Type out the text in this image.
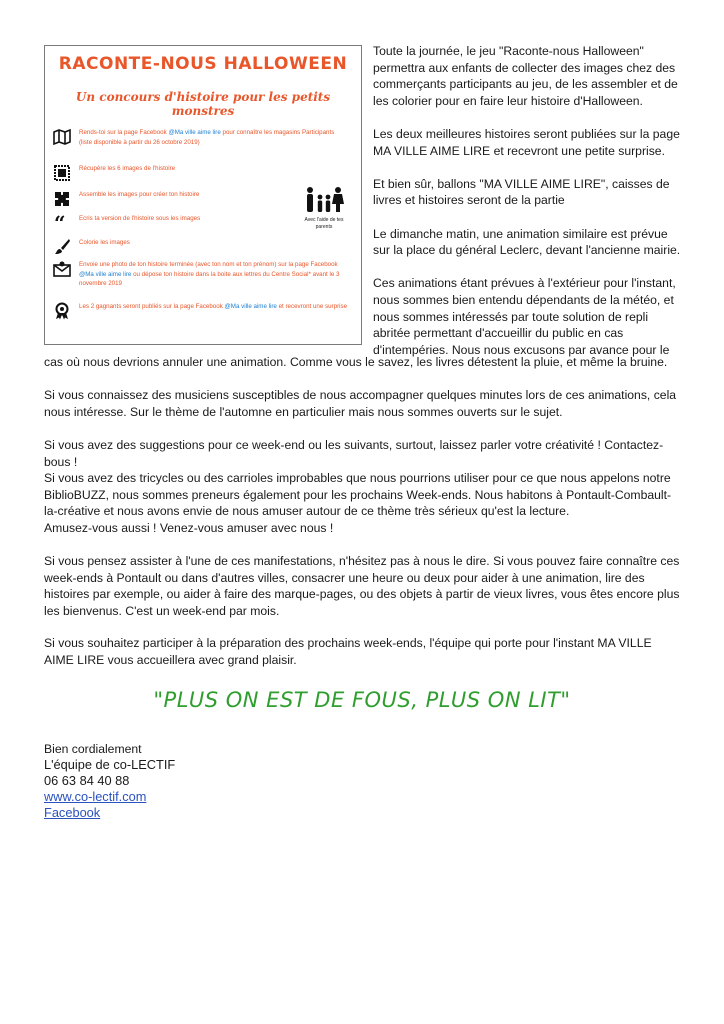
RACONTE-NOUS HALLOWEEN
Un concours d'histoire pour les petits monstres
Rends-toi sur la page Facebook @Ma ville aime lire pour connaître les magasins Participants (liste disponible à partir du 26 octobre 2019)
Récupère les 6 images de l'histoire
Assemble les images pour créer ton histoire
“ Ecris ta version de l'histoire sous les images
Colorie les images
Envoie une photo de ton histoire terminée (avec ton nom et ton prénom) sur la page Facebook @Ma ville aime lire ou dépose ton histoire dans la boite aux lettres du Centre Social* avant le 3 novembre 2019
Les 2 gagnants seront publiés sur la page Facebook @Ma ville aime lire et recevront une surprise
Avec l'aide de tes parents

Toute la journée, le jeu "Raconte-nous Halloween" permettra aux enfants de collecter des images chez des commerçants participants au jeu, de les assembler et de les colorier pour en faire leur histoire d'Halloween.

Les deux meilleures histoires seront publiées sur la page MA VILLE AIME LIRE et recevront une petite surprise.

Et bien sûr, ballons "MA VILLE AIME LIRE", caisses de livres et histoires seront de la partie

Le dimanche matin, une animation similaire est prévue sur la place du général Leclerc, devant l'ancienne mairie.

Ces animations étant prévues à l'extérieur pour l'instant, nous sommes bien entendu dépendants de la météo, et nous sommes intéressés par toute solution de repli abritée permettant d'accueillir du public en cas d'intempéries. Nous nous excusons par avance pour le

cas où nous devrions annuler une animation. Comme vous le savez, les livres détestent la pluie, et même la bruine.

Si vous connaissez des musiciens susceptibles de nous accompagner quelques minutes lors de ces animations, cela nous intéresse. Sur le thème de l'automne en particulier mais nous sommes ouverts sur le sujet.

Si vous avez des suggestions pour ce week-end ou les suivants, surtout, laissez parler votre créativité ! Contactez-bous !

Si vous avez des tricycles ou des carrioles improbables que nous pourrions utiliser pour ce que nous appelons notre BiblioBUZZ, nous sommes preneurs également pour les prochains Week-ends. Nous habitons à Pontault-Combault-la-créative et nous avons envie de nous amuser autour de ce thème très sérieux qu'est la lecture.

Amusez-vous aussi ! Venez-vous amuser avec nous !

Si vous pensez assister à l'une de ces manifestations, n'hésitez pas à nous le dire. Si vous pouvez faire connaître ces week-ends à Pontault ou dans d'autres villes, consacrer une heure ou deux pour aider à une animation, lire des histoires par exemple, ou aider à faire des marque-pages, ou des objets à partir de vieux livres, vous êtes encore plus les bienvenus. C'est un week-end par mois.

Si vous souhaitez participer à la préparation des prochains week-ends, l'équipe qui porte pour l'instant MA VILLE AIME LIRE vous accueillera avec grand plaisir.

"PLUS ON EST DE FOUS, PLUS ON LIT"
Bien cordialement
L'équipe de co-LECTIF
06 63 84 40 88
www.co-lectif.com
Facebook
